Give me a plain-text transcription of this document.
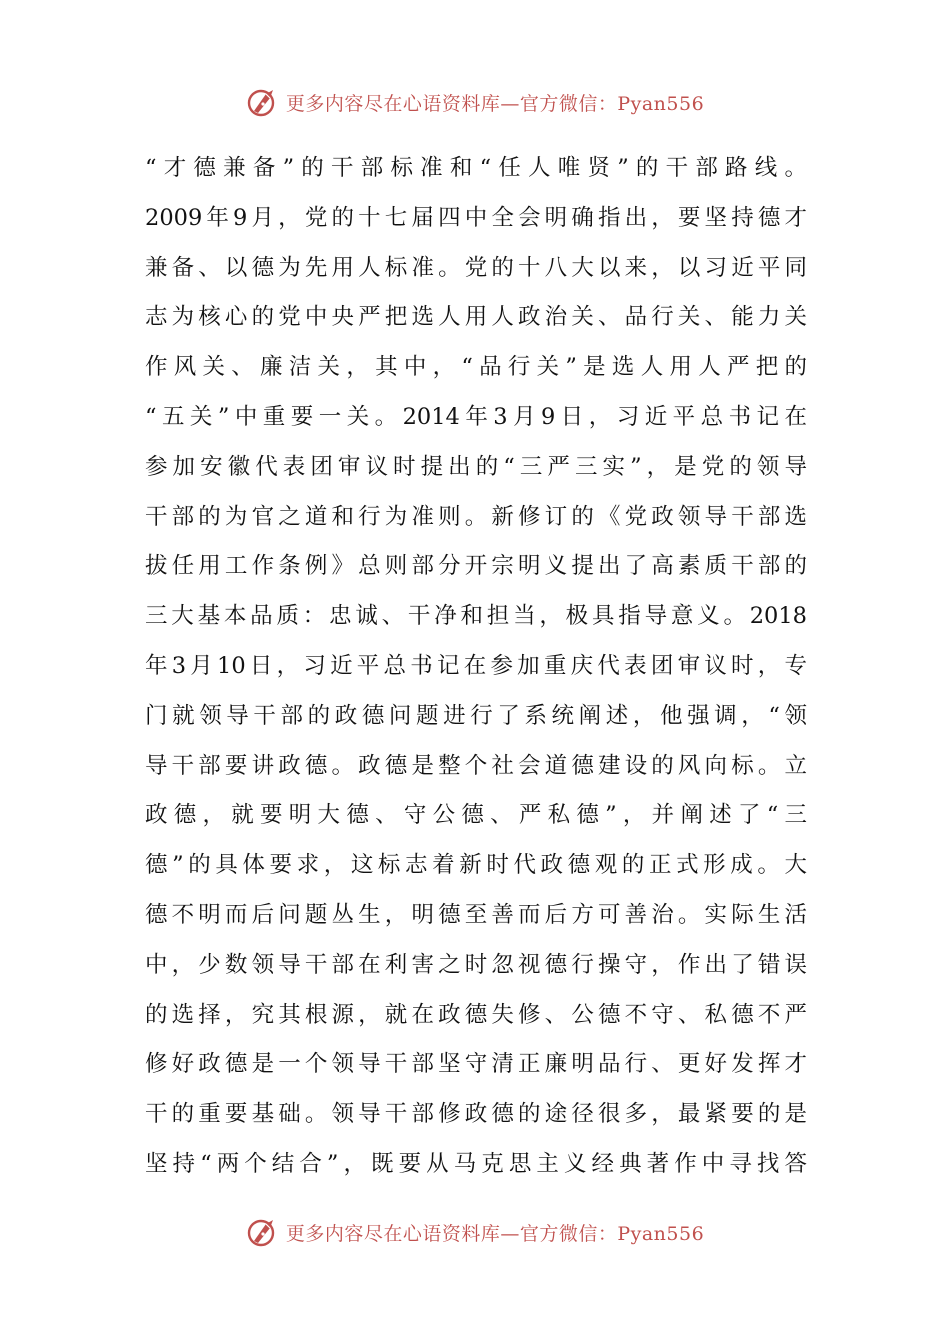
更多内容尽在心语资料库—官方微信：Pyan556
“才德兼备”的干部标准和“任人唯贤”的干部路线。
2009年9月，党的十七届四中全会明确指出，要坚持德才
兼备、以德为先用人标准。党的十八大以来，以习近平同
志为核心的党中央严把选人用人政治关、品行关、能力关
作风关、廉洁关，其中，“品行关”是选人用人严把的
“五关”中重要一关。2014年3月9日，习近平总书记在
参加安徽代表团审议时提出的“三严三实”，是党的领导
干部的为官之道和行为准则。新修订的《党政领导干部选
拔任用工作条例》总则部分开宗明义提出了高素质干部的
三大基本品质：忠诚、干净和担当，极具指导意义。2018
年3月10日，习近平总书记在参加重庆代表团审议时，专
门就领导干部的政德问题进行了系统阐述，他强调，“领
导干部要讲政德。政德是整个社会道德建设的风向标。立
政德，就要明大德、守公德、严私德”，并阐述了“三
德”的具体要求，这标志着新时代政德观的正式形成。大
德不明而后问题丛生，明德至善而后方可善治。实际生活
中，少数领导干部在利害之时忽视德行操守，作出了错误
的选择，究其根源，就在政德失修、公德不守、私德不严
修好政德是一个领导干部坚守清正廉明品行、更好发挥才
干的重要基础。领导干部修政德的途径很多，最紧要的是
坚持“两个结合”，既要从马克思主义经典著作中寻找答
更多内容尽在心语资料库—官方微信：Pyan556
